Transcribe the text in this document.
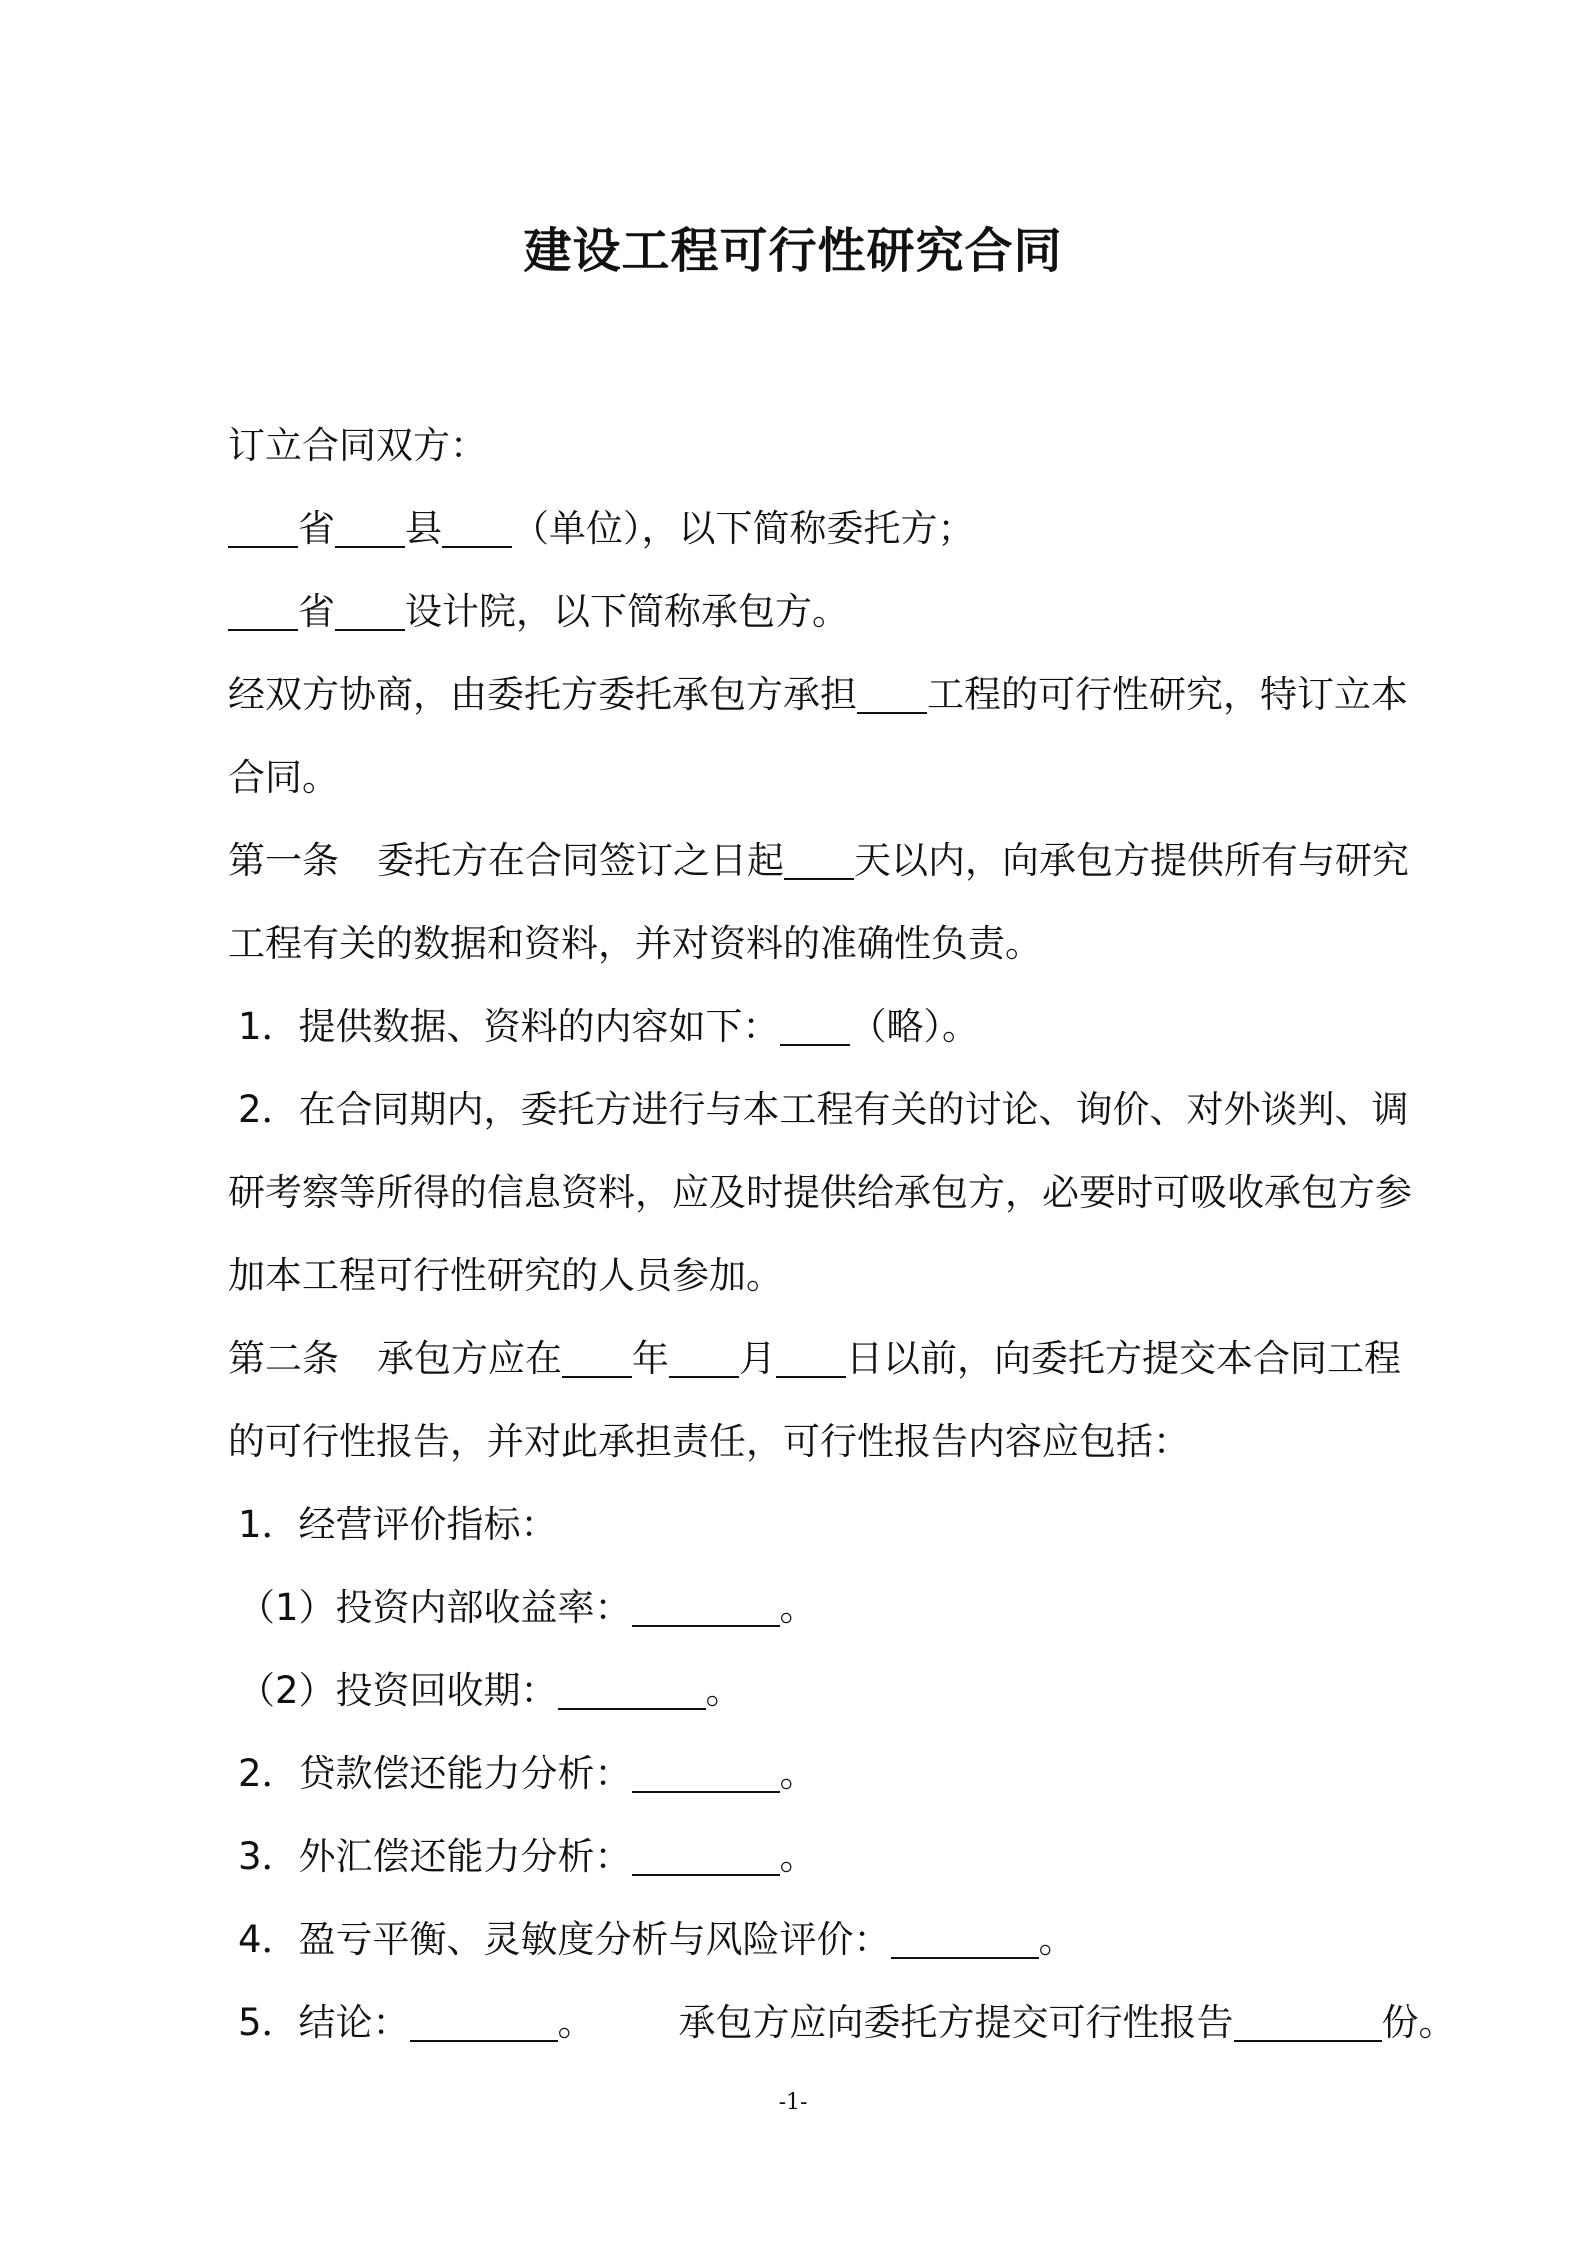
建设工程可行性研究合同
订立合同双方：
省 县 （单位），以下简称委托方；
省 设计院，以下简称承包方。
经双方协商，由委托方委托承包方承担 工程的可行性研究，特订立本
合同。
第一条 委托方在合同签订之日起 天以内，向承包方提供所有与研究
工程有关的数据和资料，并对资料的准确性负责。
1．提供数据、资料的内容如下： （略）。
2．在合同期内，委托方进行与本工程有关的讨论、询价、对外谈判、调
研考察等所得的信息资料，应及时提供给承包方，必要时可吸收承包方参
加本工程可行性研究的人员参加。
第二条 承包方应在 年 月 日以前，向委托方提交本合同工程
的可行性报告，并对此承担责任，可行性报告内容应包括：
1．经营评价指标：
（1）投资内部收益率：	。
（2）投资回收期：	。
2．贷款偿还能力分析：	。
3．外汇偿还能力分析：	。
4．盈亏平衡、灵敏度分析与风险评价：	。
5．结论：	。 承包方应向委托方提交可行性报告	份。
-1-
